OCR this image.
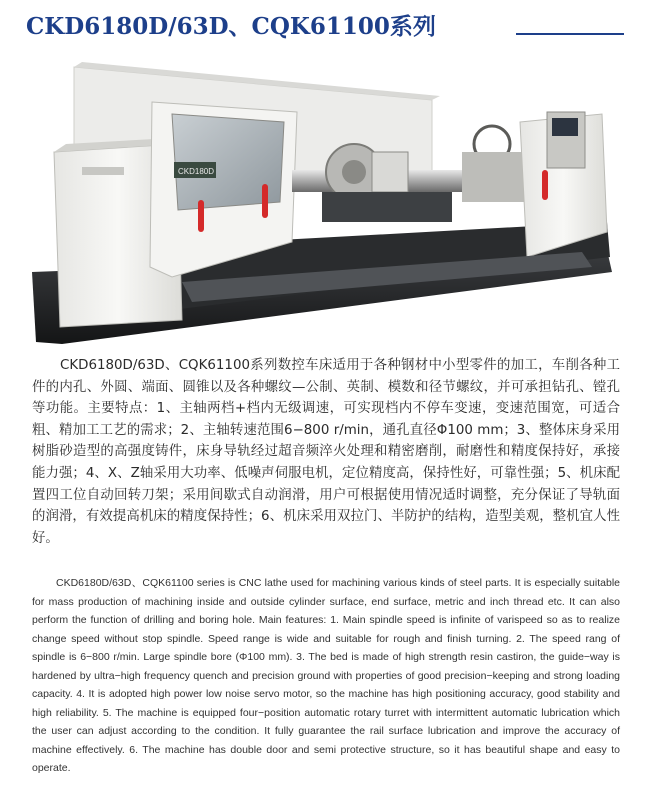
CKD6180D/63D、CQK61100系列
CKD180D

CKD6180D/63D、CQK61100系列数控车床适用于各种钢材中小型零件的加工，车削各种工件的内孔、外圆、端面、圆锥以及各种螺纹—公制、英制、模数和径节螺纹，并可承担钻孔、镗孔等功能。主要特点：1、主轴两档+档内无级调速，可实现档内不停车变速，变速范围宽，可适合粗、精加工工艺的需求；2、主轴转速范围6−800 r/min，通孔直径Φ100 mm；3、整体床身采用树脂砂造型的高强度铸件，床身导轨经过超音频淬火处理和精密磨削，耐磨性和精度保持好，承接能力强；4、X、Z轴采用大功率、低噪声伺服电机，定位精度高，保持性好，可靠性强；5、机床配置四工位自动回转刀架；采用间歇式自动润滑，用户可根据使用情况适时调整，充分保证了导轨面的润滑，有效提高机床的精度保持性；6、机床采用双拉门、半防护的结构，造型美观，整机宜人性好。

CKD6180D/63D、CQK61100 series is CNC lathe used for machining various kinds of steel parts. It is especially suitable for mass production of machining inside and outside cylinder surface, end surface, metric and inch thread etc. It can also perform the function of drilling and boring hole. Main features: 1. Main spindle speed is infinite of varispeed so as to realize change speed without stop spindle. Speed range is wide and suitable for rough and finish turning. 2. The speed rang of spindle is 6−800 r/min. Large spindle bore (Φ100 mm). 3. The bed is made of high strength resin castiron, the guide−way is hardened by ultra−high frequency quench and precision ground with properties of good precision−keeping and strong loading capacity. 4. It is adopted high power low noise servo motor, so the machine has high positioning accuracy, good stability and high reliability. 5. The machine is equipped four−position automatic rotary turret with intermittent automatic lubrication which the user can adjust according to the condition. It fully guarantee the rail surface lubrication and improve the accuracy of machine effectively. 6. The machine has double door and semi protective structure, so it has beautiful shape and easy to operate.
